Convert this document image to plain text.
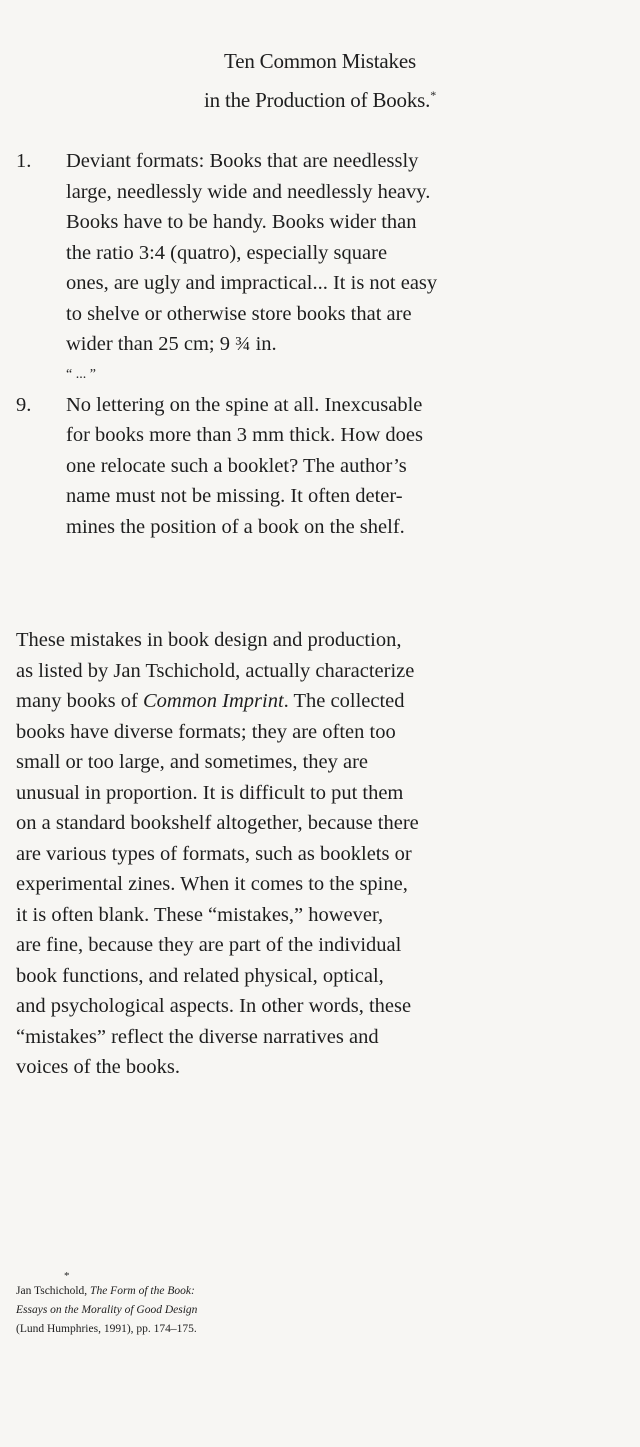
Ten Common Mistakes
in the Production of Books.*
1.	Deviant formats: Books that are needlessly
large, needlessly wide and needlessly heavy.
Books have to be handy. Books wider than
the ratio 3:4 (quatro), especially square
ones, are ugly and impractical... It is not easy
to shelve or otherwise store books that are
wider than 25 cm; 9 ¾ in.
“ ... ”
9.	No lettering on the spine at all. Inexcusable
for books more than 3 mm thick. How does
one relocate such a booklet? The author’s
name must not be missing. It often deter-
mines the position of a book on the shelf.
These mistakes in book design and production,
as listed by Jan Tschichold, actually characterize
many books of Common Imprint. The collected
books have diverse formats; they are often too
small or too large, and sometimes, they are
unusual in proportion. It is difficult to put them
on a standard bookshelf altogether, because there
are various types of formats, such as booklets or
experimental zines. When it comes to the spine,
it is often blank. These “mistakes,” however,
are fine, because they are part of the individual
book functions, and related physical, optical,
and psychological aspects. In other words, these
“mistakes” reflect the diverse narratives and
voices of the books.
*
Jan Tschichold, The Form of the Book:
Essays on the Morality of Good Design
(Lund Humphries, 1991), pp. 174–175.
